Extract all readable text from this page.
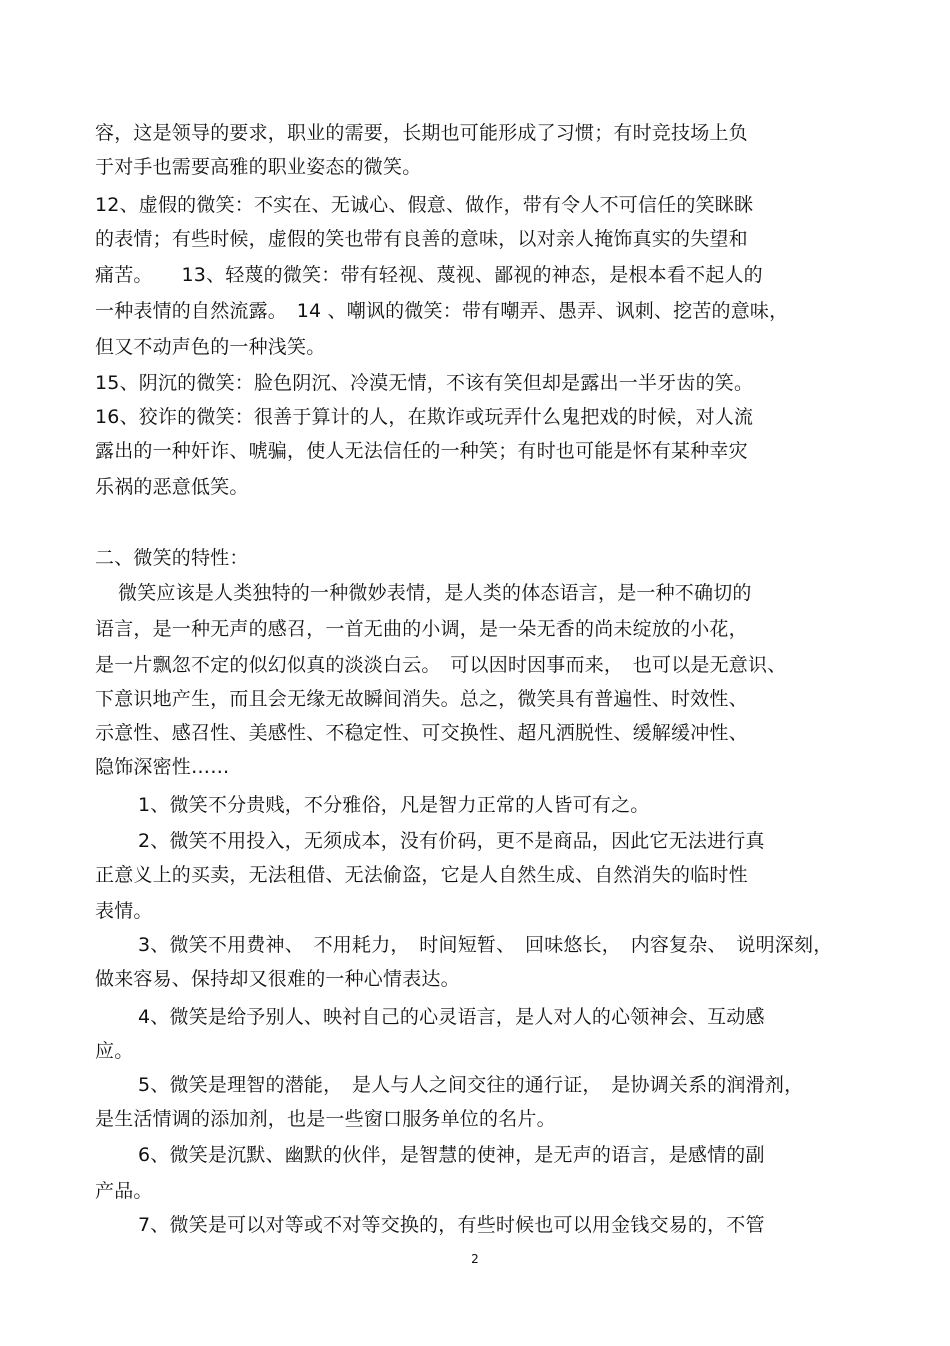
容，这是领导的要求，职业的需要，长期也可能形成了习惯；有时竞技场上负
于对手也需要高雅的职业姿态的微笑。
12、虚假的微笑：不实在、无诚心、假意、做作，带有令人不可信任的笑眯眯
的表情；有些时候，虚假的笑也带有良善的意味，以对亲人掩饰真实的失望和
痛苦。　　13、轻蔑的微笑：带有轻视、蔑视、鄙视的神态，是根本看不起人的
一种表情的自然流露。　14 、嘲讽的微笑：带有嘲弄、愚弄、讽刺、挖苦的意味，
但又不动声色的一种浅笑。
15、阴沉的微笑：脸色阴沉、冷漠无情，不该有笑但却是露出一半牙齿的笑。
16、狡诈的微笑：很善于算计的人，在欺诈或玩弄什么鬼把戏的时候，对人流
露出的一种奸诈、唬骗，使人无法信任的一种笑；有时也可能是怀有某种幸灾
乐祸的恶意低笑。
二、微笑的特性：
微笑应该是人类独特的一种微妙表情，是人类的体态语言，是一种不确切的
语言，是一种无声的感召，一首无曲的小调，是一朵无香的尚未绽放的小花，
是一片飘忽不定的似幻似真的淡淡白云。　可以因时因事而来，　也可以是无意识、
下意识地产生，而且会无缘无故瞬间消失。总之，微笑具有普遍性、时效性、
示意性、感召性、美感性、不稳定性、可交换性、超凡洒脱性、缓解缓冲性、
隐饰深密性……
1、微笑不分贵贱，不分雅俗，凡是智力正常的人皆可有之。
2、微笑不用投入，无须成本，没有价码，更不是商品，因此它无法进行真
正意义上的买卖，无法租借、无法偷盗，它是人自然生成、自然消失的临时性
表情。
3、微笑不用费神、　不用耗力，　时间短暂、　回味悠长，　内容复杂、　说明深刻，
做来容易、保持却又很难的一种心情表达。
4、微笑是给予别人、映衬自己的心灵语言，是人对人的心领神会、互动感
应。
5、微笑是理智的潜能，　是人与人之间交往的通行证，　是协调关系的润滑剂，
是生活情调的添加剂，也是一些窗口服务单位的名片。
6、微笑是沉默、幽默的伙伴，是智慧的使神，是无声的语言，是感情的副
产品。
7、微笑是可以对等或不对等交换的，有些时候也可以用金钱交易的，不管
2
